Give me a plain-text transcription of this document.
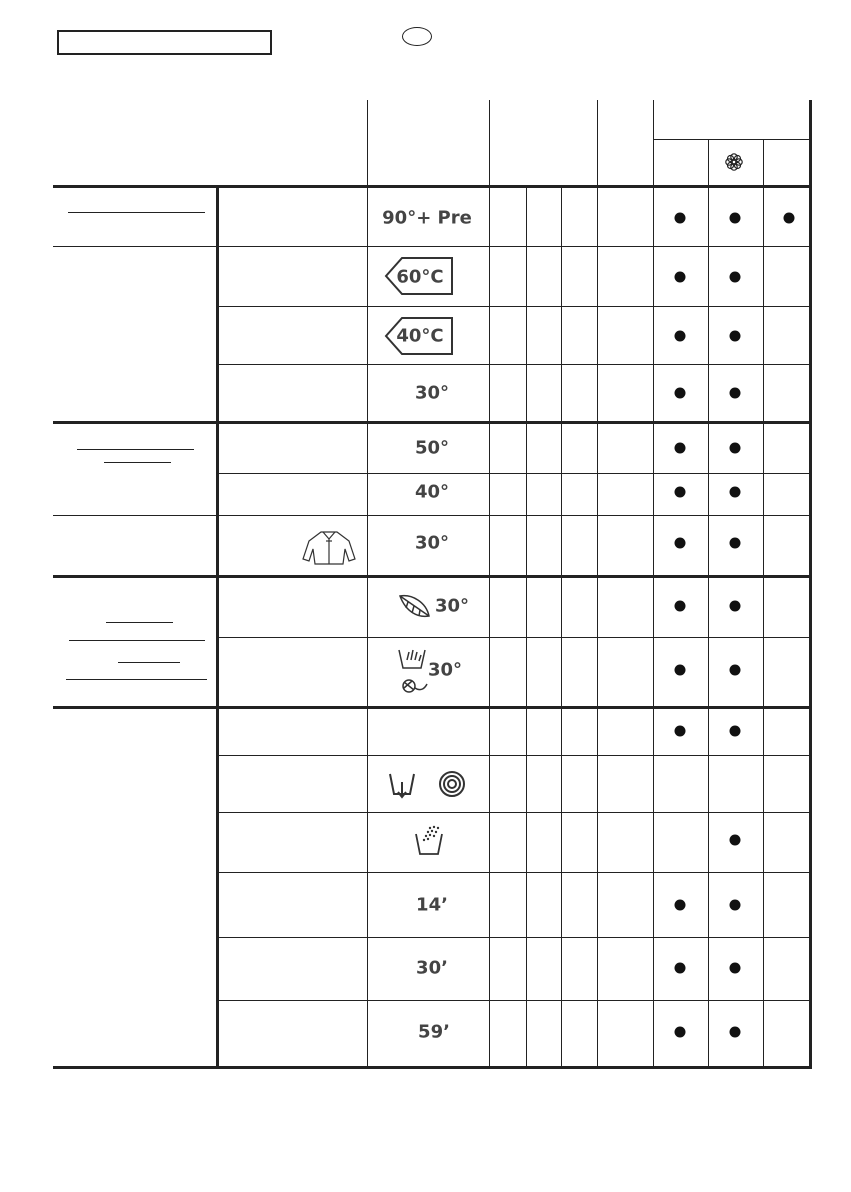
90°+ Pre
60°C
40°C
30°
50°
40°
30°
30°
30°
14’
30’
59’
